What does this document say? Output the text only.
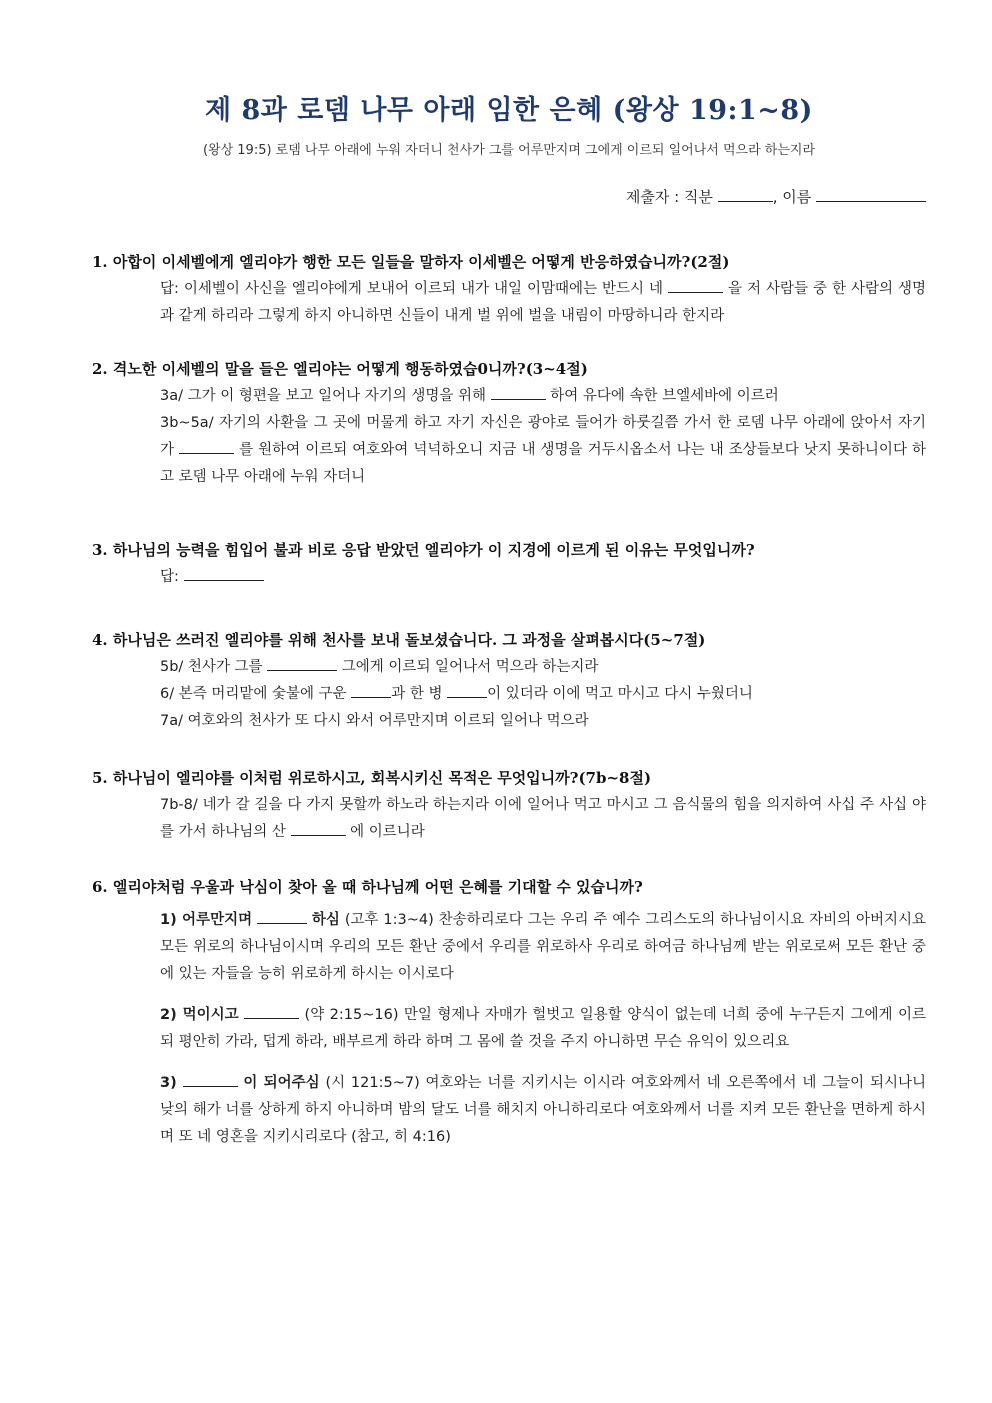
제 8과 로뎀 나무 아래 임한 은혜 (왕상 19:1~8)
(왕상 19:5) 로뎀 나무 아래에 누워 자더니 천사가 그를 어루만지며 그에게 이르되 일어나서 먹으라 하는지라
제출자 : 직분	, 이름

1. 아합이 이세벨에게 엘리야가 행한 모든 일들을 말하자 이세벨은 어떻게 반응하였습니까?(2절)

답: 이세벨이 사신을 엘리야에게 보내어 이르되 내가 내일 이맘때에는 반드시 네	을 저 사람들 중 한 사람의 생명과 같게 하리라 그렇게 하지 아니하면 신들이 내게 벌 위에 벌을 내림이 마땅하니라 한지라

2. 격노한 이세벨의 말을 들은 엘리야는 어떻게 행동하였습0니까?(3~4절)

3a/ 그가 이 형편을 보고 일어나 자기의 생명을 위해	하여 유다에 속한 브엘세바에 이르러

3b~5a/ 자기의 사환을 그 곳에 머물게 하고 자기 자신은 광야로 들어가 하룻길쯤 가서 한 로뎀 나무 아래에 앉아서 자기가	를 원하여 이르되 여호와여 넉넉하오니 지금 내 생명을 거두시옵소서 나는 내 조상들보다 낫지 못하니이다 하고 로뎀 나무 아래에 누워 자더니

3. 하나님의 능력을 힘입어 불과 비로 응답 받았던 엘리야가 이 지경에 이르게 된 이유는 무엇입니까?

답:

4. 하나님은 쓰러진 엘리야를 위해 천사를 보내 돌보셨습니다. 그 과정을 살펴봅시다(5~7절)

5b/ 천사가 그를	그에게 이르되 일어나서 먹으라 하는지라

6/ 본즉 머리맡에 숯불에 구운	과 한 병	이 있더라 이에 먹고 마시고 다시 누웠더니

7a/ 여호와의 천사가 또 다시 와서 어루만지며 이르되 일어나 먹으라

5. 하나님이 엘리야를 이처럼 위로하시고, 회복시키신 목적은 무엇입니까?(7b~8절)

7b-8/ 네가 갈 길을 다 가지 못할까 하노라 하는지라 이에 일어나 먹고 마시고 그 음식물의 힘을 의지하여 사십 주 사십 야를 가서 하나님의 산	에 이르니라

6. 엘리야처럼 우울과 낙심이 찾아 올 때 하나님께 어떤 은혜를 기대할 수 있습니까?

1) 어루만지며	하심 (고후 1:3~4) 찬송하리로다 그는 우리 주 예수 그리스도의 하나님이시요 자비의 아버지시요 모든 위로의 하나님이시며 우리의 모든 환난 중에서 우리를 위로하사 우리로 하여금 하나님께 받는 위로로써 모든 환난 중에 있는 자들을 능히 위로하게 하시는 이시로다
2) 먹이시고	(약 2:15~16) 만일 형제나 자매가 헐벗고 일용할 양식이 없는데 너희 중에 누구든지 그에게 이르되 평안히 가라, 덥게 하라, 배부르게 하라 하며 그 몸에 쓸 것을 주지 아니하면 무슨 유익이 있으리요
3)	이 되어주심 (시 121:5~7) 여호와는 너를 지키시는 이시라 여호와께서 네 오른쪽에서 네 그늘이 되시나니 낮의 해가 너를 상하게 하지 아니하며 밤의 달도 너를 해치지 아니하리로다 여호와께서 너를 지켜 모든 환난을 면하게 하시며 또 네 영혼을 지키시리로다 (참고, 히 4:16)
